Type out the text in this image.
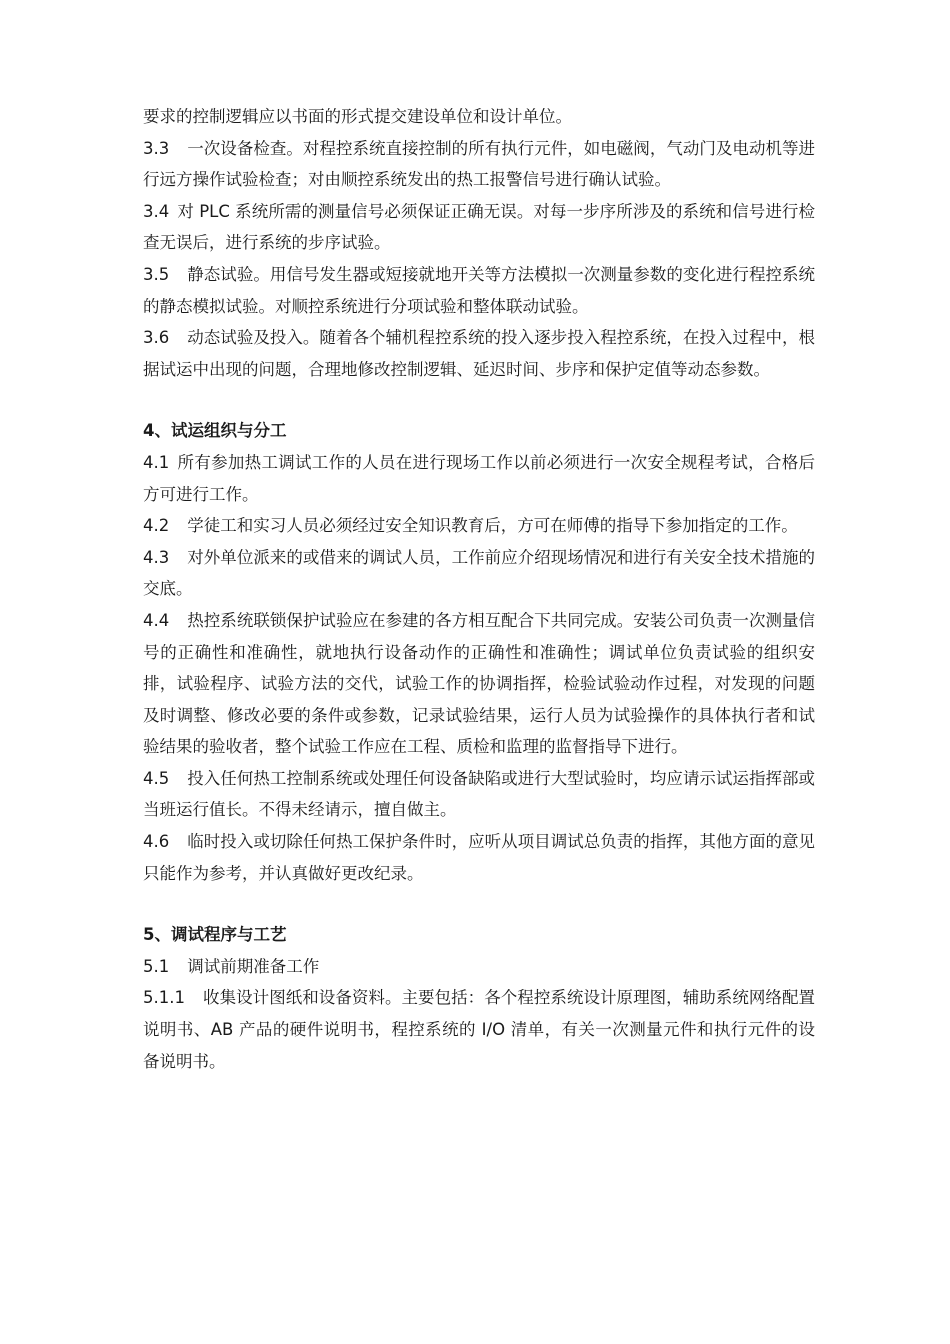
要求的控制逻辑应以书面的形式提交建设单位和设计单位。

3.3 一次设备检查。对程控系统直接控制的所有执行元件，如电磁阀，气动门及电动机等进行远方操作试验检查；对由顺控系统发出的热工报警信号进行确认试验。

3.4 对 PLC 系统所需的测量信号必须保证正确无误。对每一步序所涉及的系统和信号进行检查无误后，进行系统的步序试验。

3.5 静态试验。用信号发生器或短接就地开关等方法模拟一次测量参数的变化进行程控系统的静态模拟试验。对顺控系统进行分项试验和整体联动试验。

3.6 动态试验及投入。随着各个辅机程控系统的投入逐步投入程控系统，在投入过程中，根据试运中出现的问题，合理地修改控制逻辑、延迟时间、步序和保护定值等动态参数。

4、试运组织与分工

4.1 所有参加热工调试工作的人员在进行现场工作以前必须进行一次安全规程考试，合格后方可进行工作。

4.2 学徒工和实习人员必须经过安全知识教育后，方可在师傅的指导下参加指定的工作。

4.3 对外单位派来的或借来的调试人员，工作前应介绍现场情况和进行有关安全技术措施的交底。

4.4 热控系统联锁保护试验应在参建的各方相互配合下共同完成。安装公司负责一次测量信号的正确性和准确性，就地执行设备动作的正确性和准确性；调试单位负责试验的组织安排，试验程序、试验方法的交代，试验工作的协调指挥，检验试验动作过程，对发现的问题及时调整、修改必要的条件或参数，记录试验结果，运行人员为试验操作的具体执行者和试验结果的验收者，整个试验工作应在工程、质检和监理的监督指导下进行。

4.5 投入任何热工控制系统或处理任何设备缺陷或进行大型试验时，均应请示试运指挥部或当班运行值长。不得未经请示，擅自做主。

4.6 临时投入或切除任何热工保护条件时，应听从项目调试总负责的指挥，其他方面的意见只能作为参考，并认真做好更改纪录。

5、调试程序与工艺

5.1 调试前期准备工作

5.1.1 收集设计图纸和设备资料。主要包括：各个程控系统设计原理图，辅助系统网络配置说明书、AB 产品的硬件说明书，程控系统的 I/O 清单，有关一次测量元件和执行元件的设备说明书。
